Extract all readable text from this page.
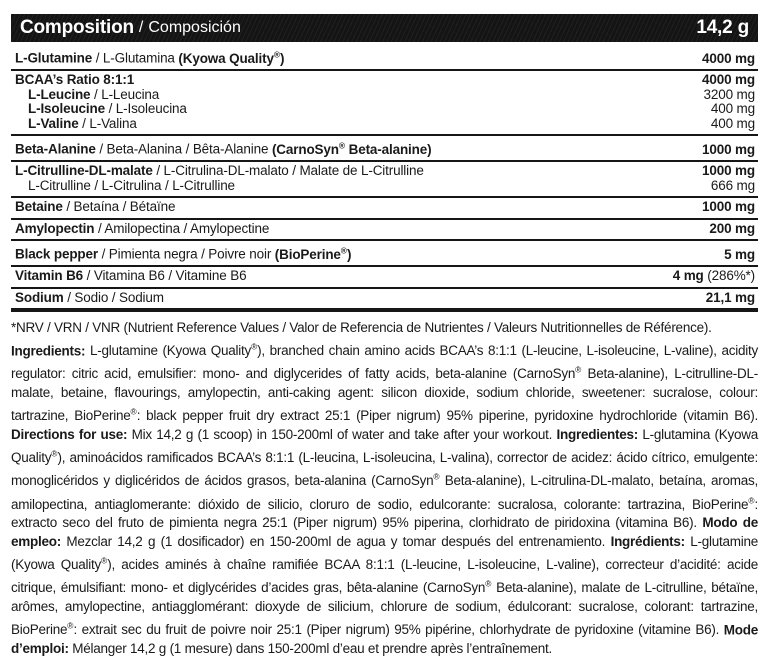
Composition / Composición	14,2 g
L-Glutamine / L-Glutamina (Kyowa Quality®)	4000 mg
BCAA’s Ratio 8:1:1	4000 mg
L-Leucine / L-Leucina	3200 mg
L-Isoleucine / L-Isoleucina	400 mg
L-Valine / L-Valina	400 mg
Beta-Alanine / Beta-Alanina / Bêta-Alanine (CarnoSyn® Beta-alanine)	1000 mg
L-Citrulline-DL-malate / L-Citrulina-DL-malato / Malate de L-Citrulline	1000 mg
L-Citrulline / L-Citrulina / L-Citrulline	666 mg
Betaine / Betaína / Bétaïne	1000 mg
Amylopectin / Amilopectina / Amylopectine	200 mg
Black pepper / Pimienta negra / Poivre noir (BioPerine®)	5 mg
Vitamin B6 / Vitamina B6 / Vitamine B6	4 mg (286%*)
Sodium / Sodio / Sodium	21,1 mg
*NRV / VRN / VNR (Nutrient Reference Values / Valor de Referencia de Nutrientes / Valeurs Nutritionnelles de Référence).

Ingredients: L-glutamine (Kyowa Quality®), branched chain amino acids BCAA’s 8:1:1 (L-leucine, L-isoleucine, L-valine), acidity regulator: citric acid, emulsifier: mono- and diglycerides of fatty acids, beta-alanine (CarnoSyn® Beta-alanine), L-citrulline-DL-malate, betaine, flavourings, amylopectin, anti-caking agent: silicon dioxide, sodium chloride, sweetener: sucralose, colour: tartrazine, BioPerine®: black pepper fruit dry extract 25:1 (Piper nigrum) 95% piperine, pyridoxine hydrochloride (vitamin B6). Directions for use: Mix 14,2 g (1 scoop) in 150-200ml of water and take after your workout. Ingredientes: L-glutamina (Kyowa Quality®), aminoácidos ramificados BCAA’s 8:1:1 (L-leucina, L-isoleucina, L-valina), corrector de acidez: ácido cítrico, emulgente: monoglicéridos y diglicéridos de ácidos grasos, beta-alanina (CarnoSyn® Beta-alanine), L-citrulina-DL-malato, betaína, aromas, amilopectina, antiaglomerante: dióxido de silicio, cloruro de sodio, edulcorante: sucralosa, colorante: tartrazina, BioPerine®: extracto seco del fruto de pimienta negra 25:1 (Piper nigrum) 95% piperina, clorhidrato de piridoxina (vitamina B6). Modo de empleo: Mezclar 14,2 g (1 dosificador) en 150-200ml de agua y tomar después del entrenamiento. Ingrédients: L-glutamine (Kyowa Quality®), acides aminés à chaîne ramifiée BCAA 8:1:1 (L-leucine, L-isoleucine, L-valine), correcteur d’acidité: acide citrique, émulsifiant: mono- et diglycérides d’acides gras, bêta-alanine (CarnoSyn® Beta-alanine), malate de L-citrulline, bétaïne, arômes, amylopectine, antiagglomérant: dioxyde de silicium, chlorure de sodium, édulcorant: sucralose, colorant: tartrazine, BioPerine®: extrait sec du fruit de poivre noir 25:1 (Piper nigrum) 95% pipérine, chlorhydrate de pyridoxine (vitamine B6). Mode d’emploi: Mélanger 14,2 g (1 mesure) dans 150-200ml d’eau et prendre après l’entraînement.
